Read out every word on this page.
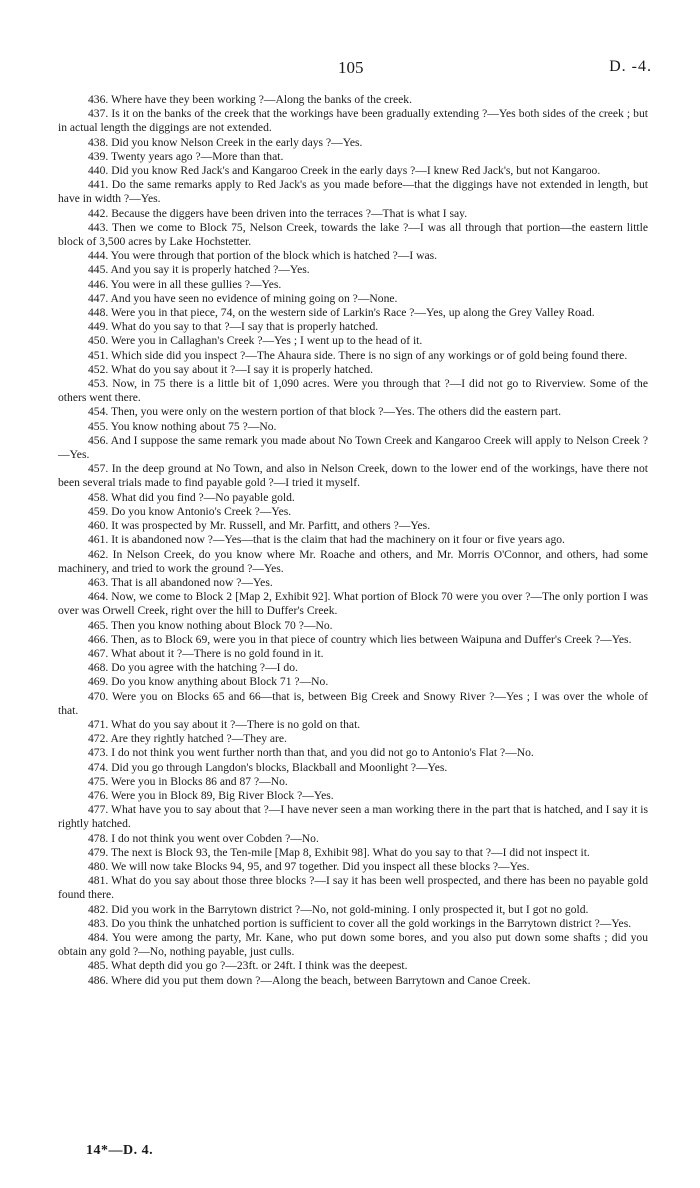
105	D. -4.

436. Where have they been working ?—Along the banks of the creek.

437. Is it on the banks of the creek that the workings have been gradually extending ?—Yes both sides of the creek ; but in actual length the diggings are not extended.

438. Did you know Nelson Creek in the early days ?—Yes.

439. Twenty years ago ?—More than that.

440. Did you know Red Jack's and Kangaroo Creek in the early days ?—I knew Red Jack's, but not Kangaroo.

441. Do the same remarks apply to Red Jack's as you made before—that the diggings have not extended in length, but have in width ?—Yes.

442. Because the diggers have been driven into the terraces ?—That is what I say.

443. Then we come to Block 75, Nelson Creek, towards the lake ?—I was all through that portion—the eastern little block of 3,500 acres by Lake Hochstetter.

444. You were through that portion of the block which is hatched ?—I was.

445. And you say it is properly hatched ?—Yes.

446. You were in all these gullies ?—Yes.

447. And you have seen no evidence of mining going on ?—None.

448. Were you in that piece, 74, on the western side of Larkin's Race ?—Yes, up along the Grey Valley Road.

449. What do you say to that ?—I say that is properly hatched.

450. Were you in Callaghan's Creek ?—Yes ; I went up to the head of it.

451. Which side did you inspect ?—The Ahaura side. There is no sign of any workings or of gold being found there.

452. What do you say about it ?—I say it is properly hatched.

453. Now, in 75 there is a little bit of 1,090 acres. Were you through that ?—I did not go to Riverview. Some of the others went there.

454. Then, you were only on the western portion of that block ?—Yes. The others did the eastern part.

455. You know nothing about 75 ?—No.

456. And I suppose the same remark you made about No Town Creek and Kangaroo Creek will apply to Nelson Creek ?—Yes.

457. In the deep ground at No Town, and also in Nelson Creek, down to the lower end of the workings, have there not been several trials made to find payable gold ?—I tried it myself.

458. What did you find ?—No payable gold.

459. Do you know Antonio's Creek ?—Yes.

460. It was prospected by Mr. Russell, and Mr. Parfitt, and others ?—Yes.

461. It is abandoned now ?—Yes—that is the claim that had the machinery on it four or five years ago.

462. In Nelson Creek, do you know where Mr. Roache and others, and Mr. Morris O'Connor, and others, had some machinery, and tried to work the ground ?—Yes.

463. That is all abandoned now ?—Yes.

464. Now, we come to Block 2 [Map 2, Exhibit 92]. What portion of Block 70 were you over ?—The only portion I was over was Orwell Creek, right over the hill to Duffer's Creek.

465. Then you know nothing about Block 70 ?—No.

466. Then, as to Block 69, were you in that piece of country which lies between Waipuna and Duffer's Creek ?—Yes.

467. What about it ?—There is no gold found in it.

468. Do you agree with the hatching ?—I do.

469. Do you know anything about Block 71 ?—No.

470. Were you on Blocks 65 and 66—that is, between Big Creek and Snowy River ?—Yes ; I was over the whole of that.

471. What do you say about it ?—There is no gold on that.

472. Are they rightly hatched ?—They are.

473. I do not think you went further north than that, and you did not go to Antonio's Flat ?—No.

474. Did you go through Langdon's blocks, Blackball and Moonlight ?—Yes.

475. Were you in Blocks 86 and 87 ?—No.

476. Were you in Block 89, Big River Block ?—Yes.

477. What have you to say about that ?—I have never seen a man working there in the part that is hatched, and I say it is rightly hatched.

478. I do not think you went over Cobden ?—No.

479. The next is Block 93, the Ten-mile [Map 8, Exhibit 98]. What do you say to that ?—I did not inspect it.

480. We will now take Blocks 94, 95, and 97 together. Did you inspect all these blocks ?—Yes.

481. What do you say about those three blocks ?—I say it has been well prospected, and there has been no payable gold found there.

482. Did you work in the Barrytown district ?—No, not gold-mining. I only prospected it, but I got no gold.

483. Do you think the unhatched portion is sufficient to cover all the gold workings in the Barrytown district ?—Yes.

484. You were among the party, Mr. Kane, who put down some bores, and you also put down some shafts ; did you obtain any gold ?—No, nothing payable, just culls.

485. What depth did you go ?—23ft. or 24ft. I think was the deepest.

486. Where did you put them down ?—Along the beach, between Barrytown and Canoe Creek.

14*—D. 4.
